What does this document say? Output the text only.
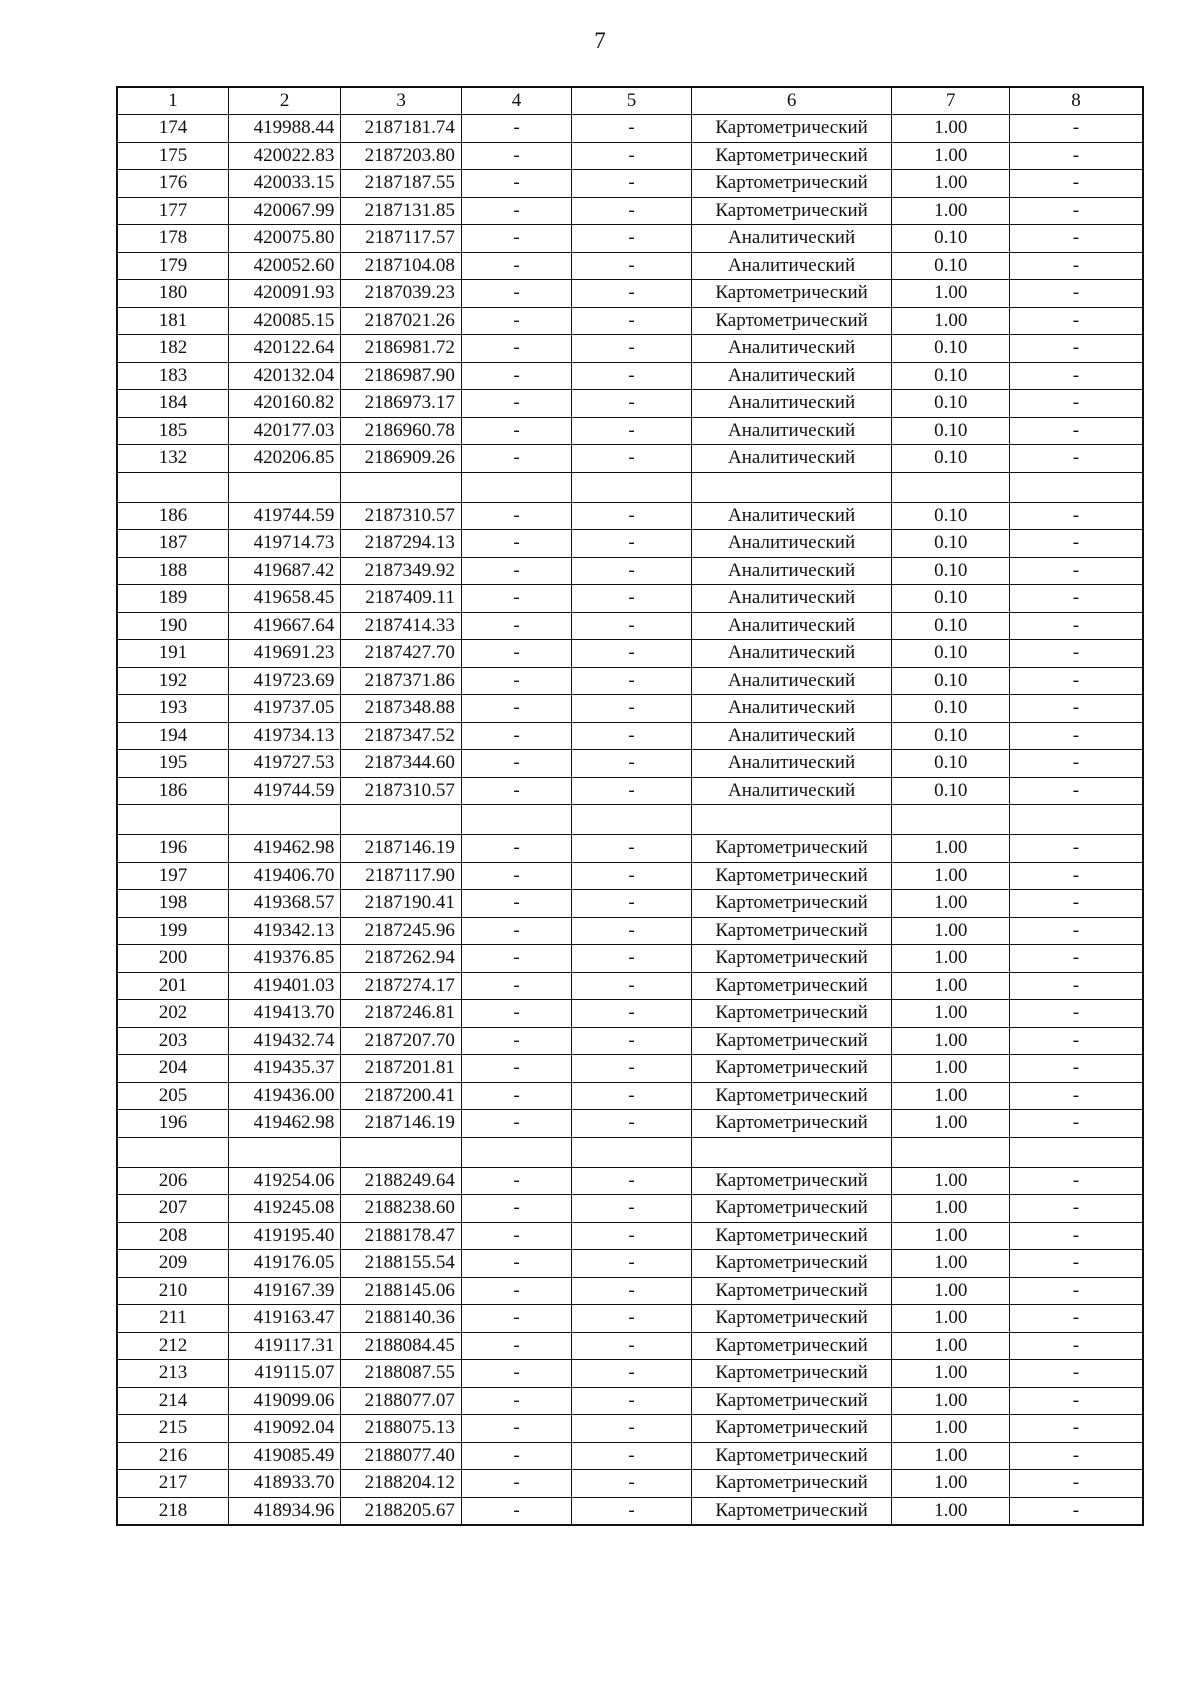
7
1	2	3	4	5	6	7	8
174	419988.44	2187181.74	-	-	Картометрический	1.00	-
175	420022.83	2187203.80	-	-	Картометрический	1.00	-
176	420033.15	2187187.55	-	-	Картометрический	1.00	-
177	420067.99	2187131.85	-	-	Картометрический	1.00	-
178	420075.80	2187117.57	-	-	Аналитический	0.10	-
179	420052.60	2187104.08	-	-	Аналитический	0.10	-
180	420091.93	2187039.23	-	-	Картометрический	1.00	-
181	420085.15	2187021.26	-	-	Картометрический	1.00	-
182	420122.64	2186981.72	-	-	Аналитический	0.10	-
183	420132.04	2186987.90	-	-	Аналитический	0.10	-
184	420160.82	2186973.17	-	-	Аналитический	0.10	-
185	420177.03	2186960.78	-	-	Аналитический	0.10	-
132	420206.85	2186909.26	-	-	Аналитический	0.10	-

186	419744.59	2187310.57	-	-	Аналитический	0.10	-
187	419714.73	2187294.13	-	-	Аналитический	0.10	-
188	419687.42	2187349.92	-	-	Аналитический	0.10	-
189	419658.45	2187409.11	-	-	Аналитический	0.10	-
190	419667.64	2187414.33	-	-	Аналитический	0.10	-
191	419691.23	2187427.70	-	-	Аналитический	0.10	-
192	419723.69	2187371.86	-	-	Аналитический	0.10	-
193	419737.05	2187348.88	-	-	Аналитический	0.10	-
194	419734.13	2187347.52	-	-	Аналитический	0.10	-
195	419727.53	2187344.60	-	-	Аналитический	0.10	-
186	419744.59	2187310.57	-	-	Аналитический	0.10	-

196	419462.98	2187146.19	-	-	Картометрический	1.00	-
197	419406.70	2187117.90	-	-	Картометрический	1.00	-
198	419368.57	2187190.41	-	-	Картометрический	1.00	-
199	419342.13	2187245.96	-	-	Картометрический	1.00	-
200	419376.85	2187262.94	-	-	Картометрический	1.00	-
201	419401.03	2187274.17	-	-	Картометрический	1.00	-
202	419413.70	2187246.81	-	-	Картометрический	1.00	-
203	419432.74	2187207.70	-	-	Картометрический	1.00	-
204	419435.37	2187201.81	-	-	Картометрический	1.00	-
205	419436.00	2187200.41	-	-	Картометрический	1.00	-
196	419462.98	2187146.19	-	-	Картометрический	1.00	-

206	419254.06	2188249.64	-	-	Картометрический	1.00	-
207	419245.08	2188238.60	-	-	Картометрический	1.00	-
208	419195.40	2188178.47	-	-	Картометрический	1.00	-
209	419176.05	2188155.54	-	-	Картометрический	1.00	-
210	419167.39	2188145.06	-	-	Картометрический	1.00	-
211	419163.47	2188140.36	-	-	Картометрический	1.00	-
212	419117.31	2188084.45	-	-	Картометрический	1.00	-
213	419115.07	2188087.55	-	-	Картометрический	1.00	-
214	419099.06	2188077.07	-	-	Картометрический	1.00	-
215	419092.04	2188075.13	-	-	Картометрический	1.00	-
216	419085.49	2188077.40	-	-	Картометрический	1.00	-
217	418933.70	2188204.12	-	-	Картометрический	1.00	-
218	418934.96	2188205.67	-	-	Картометрический	1.00	-
